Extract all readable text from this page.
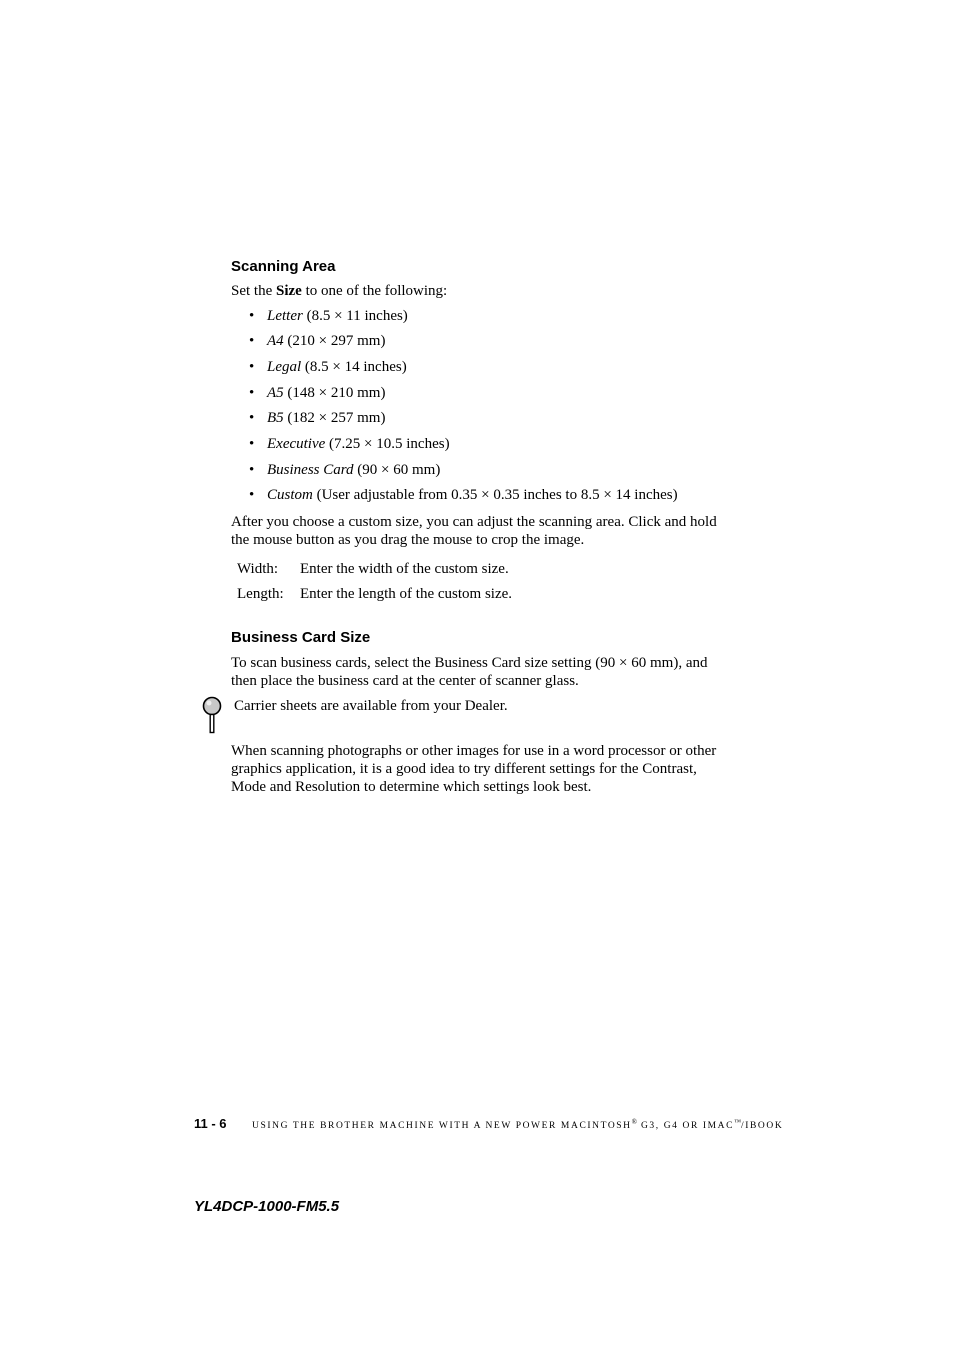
Scanning Area
Set the Size to one of the following:
• Letter (8.5 × 11 inches)
• A4 (210 × 297 mm)
• Legal (8.5 × 14 inches)
• A5 (148 × 210 mm)
• B5 (182 × 257 mm)
• Executive (7.25 × 10.5 inches)
• Business Card (90 × 60 mm)
• Custom (User adjustable from 0.35 × 0.35 inches to 8.5 × 14 inches)
After you choose a custom size, you can adjust the scanning area. Click and hold
the mouse button as you drag the mouse to crop the image.
Width: Enter the width of the custom size.
Length: Enter the length of the custom size.
Business Card Size
To scan business cards, select the Business Card size setting (90 × 60 mm), and
then place the business card at the center of scanner glass.
Carrier sheets are available from your Dealer.
When scanning photographs or other images for use in a word processor or other
graphics application, it is a good idea to try different settings for the Contrast,
Mode and Resolution to determine which settings look best.
11 - 6	USING THE BROTHER MACHINE WITH A NEW POWER MACINTOSH® G3, G4 OR IMAC™/IBOOK
YL4DCP-1000-FM5.5
